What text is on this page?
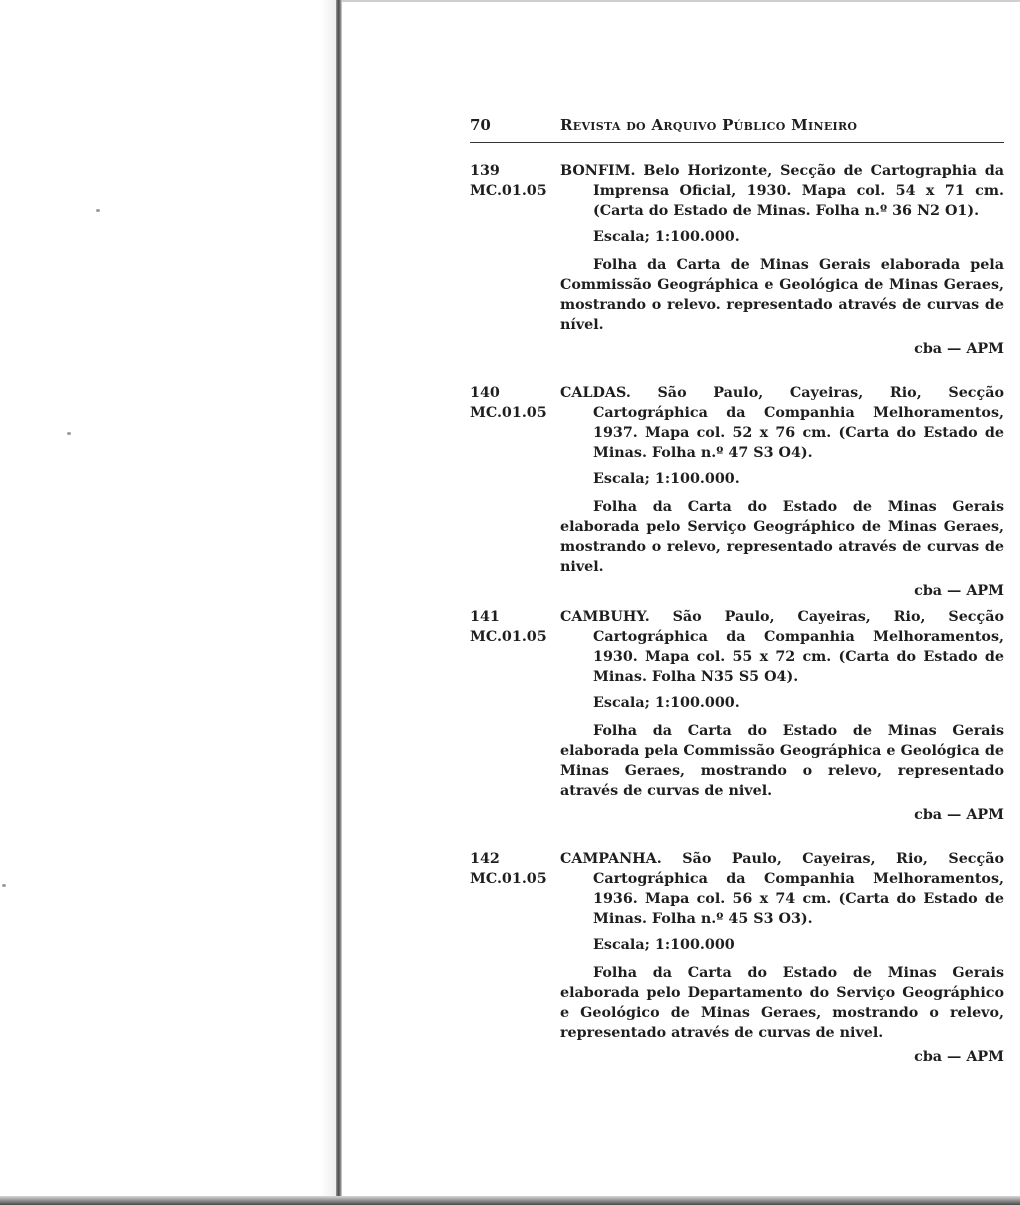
70	Revista do Arquivo Público Mineiro
139
MC.01.05

BONFIM. Belo Horizonte, Secção de Cartographia da Imprensa Oficial, 1930. Mapa col. 54 x 71 cm. (Carta do Estado de Minas. Folha n.º 36 N2 O1).

Escala; 1:100.000.

Folha da Carta de Minas Gerais elaborada pela Commissão Geográphica e Geológica de Minas Geraes, mostrando o relevo. representado através de curvas de nível.

cba — APM

140
MC.01.05

CALDAS. São Paulo, Cayeiras, Rio, Secção Cartográphica da Companhia Melhoramentos, 1937. Mapa col. 52 x 76 cm. (Carta do Estado de Minas. Folha n.º 47 S3 O4).

Escala; 1:100.000.

Folha da Carta do Estado de Minas Gerais elaborada pelo Serviço Geográphico de Minas Geraes, mostrando o relevo, representado através de curvas de nivel.

cba — APM

141
MC.01.05

CAMBUHY. São Paulo, Cayeiras, Rio, Secção Cartográphica da Companhia Melhoramentos, 1930. Mapa col. 55 x 72 cm. (Carta do Estado de Minas. Folha N35 S5 O4).

Escala; 1:100.000.

Folha da Carta do Estado de Minas Gerais elaborada pela Commissão Geográphica e Geológica de Minas Geraes, mostrando o relevo, representado através de curvas de nivel.

cba — APM

142
MC.01.05

CAMPANHA. São Paulo, Cayeiras, Rio, Secção Cartográphica da Companhia Melhoramentos, 1936. Mapa col. 56 x 74 cm. (Carta do Estado de Minas. Folha n.º 45 S3 O3).

Escala; 1:100.000

Folha da Carta do Estado de Minas Gerais elaborada pelo Departamento do Serviço Geográphico e Geológico de Minas Geraes, mostrando o relevo, representado através de curvas de nivel.

cba — APM
